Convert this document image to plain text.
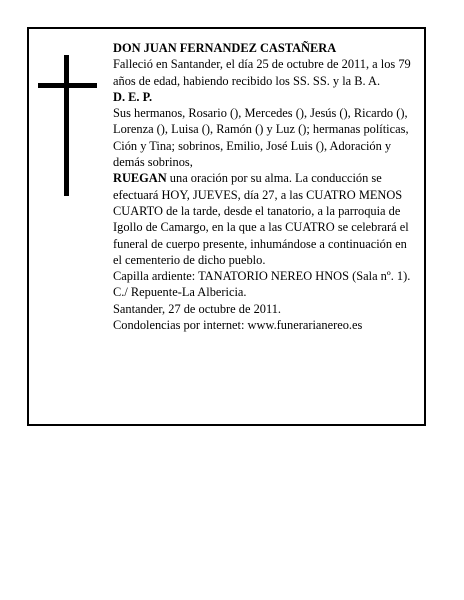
DON JUAN FERNANDEZ CASTAÑERA

Falleció en Santander, el día 25 de octubre de 2011, a los 79 años de edad, habiendo recibido los SS. SS. y la B. A.

D. E. P.

Sus hermanos, Rosario (), Mercedes (), Jesús (), Ricardo (), Lorenza (), Luisa (), Ramón () y Luz (); hermanas políticas, Ción y Tina; sobrinos, Emilio, José Luis (), Adoración y demás sobrinos,

RUEGAN una oración por su alma. La conducción se efectuará HOY, JUEVES, día 27, a las CUATRO MENOS CUARTO de la tarde, desde el tanatorio, a la parroquia de Igollo de Camargo, en la que a las CUATRO se celebrará el funeral de cuerpo presente, inhumándose a continuación en el cementerio de dicho pueblo.

Capilla ardiente: TANATORIO NEREO HNOS (Sala nº. 1). C./ Repuente-La Albericia.

Santander, 27 de octubre de 2011.

Condolencias por internet: www.funerarianereo.es
